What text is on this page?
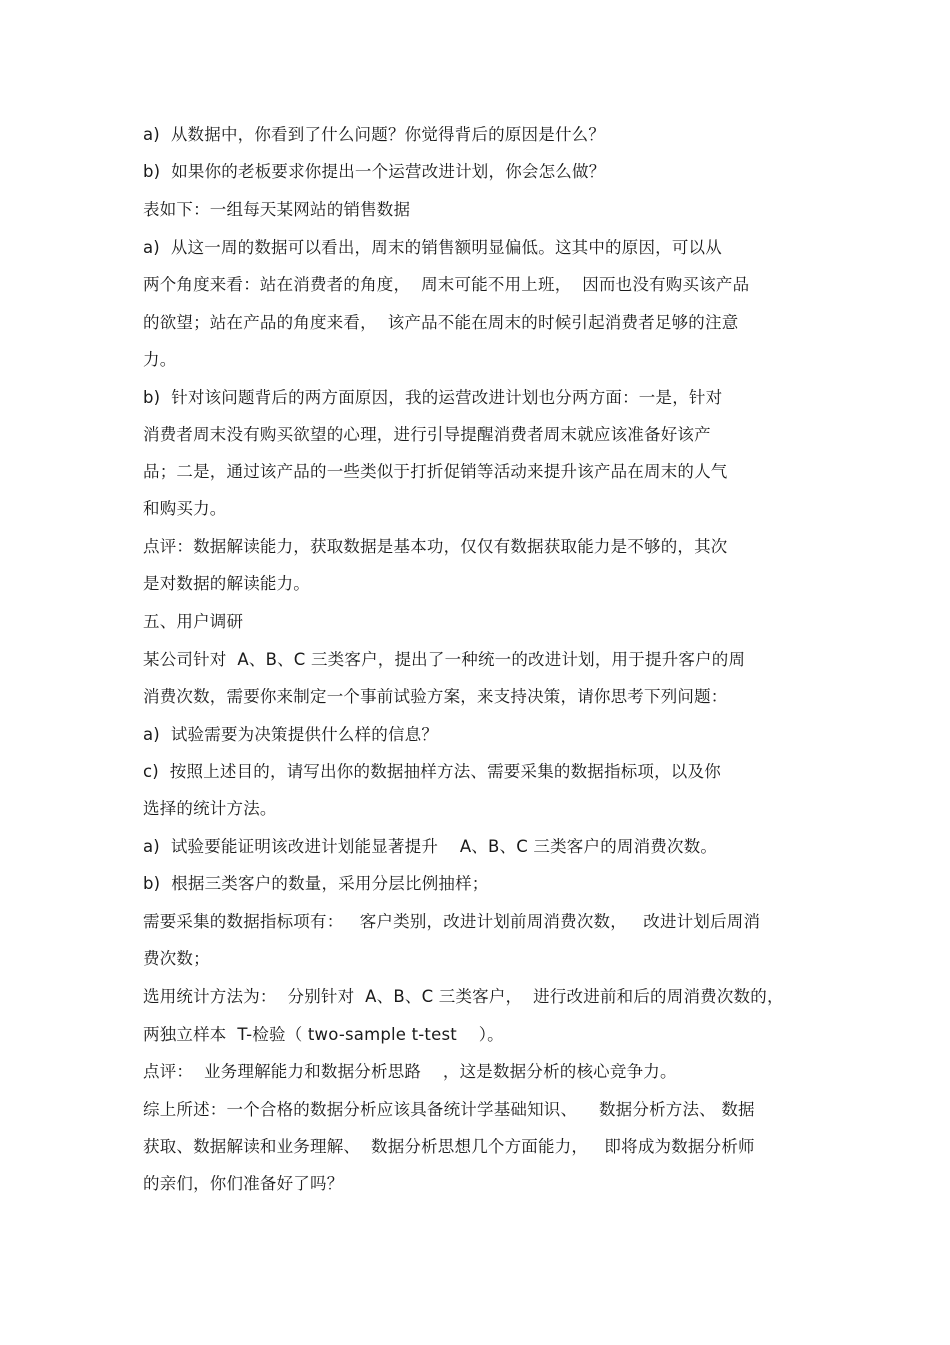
a)  从数据中，你看到了什么问题？你觉得背后的原因是什么？
b)  如果你的老板要求你提出一个运营改进计划，你会怎么做？
表如下：一组每天某网站的销售数据
a)  从这一周的数据可以看出，周末的销售额明显偏低。这其中的原因，可以从
两个角度来看：站在消费者的角度，  周末可能不用上班，  因而也没有购买该产品
的欲望；站在产品的角度来看，  该产品不能在周末的时候引起消费者足够的注意
力。
b)  针对该问题背后的两方面原因，我的运营改进计划也分两方面：一是，针对
消费者周末没有购买欲望的心理，进行引导提醒消费者周末就应该准备好该产
品；二是，通过该产品的一些类似于打折促销等活动来提升该产品在周末的人气
和购买力。
点评：数据解读能力，获取数据是基本功，仅仅有数据获取能力是不够的，其次
是对数据的解读能力。
五、用户调研
某公司针对  A、B、C 三类客户，提出了一种统一的改进计划，用于提升客户的周
消费次数，需要你来制定一个事前试验方案，来支持决策，请你思考下列问题：
a)  试验需要为决策提供什么样的信息？
c)  按照上述目的，请写出你的数据抽样方法、需要采集的数据指标项，以及你
选择的统计方法。
a)  试验要能证明该改进计划能显著提升    A、B、C 三类客户的周消费次数。
b)  根据三类客户的数量，采用分层比例抽样；
需要采集的数据指标项有：   客户类别，改进计划前周消费次数，   改进计划后周消
费次数；
选用统计方法为：  分别针对  A、B、C 三类客户，  进行改进前和后的周消费次数的，
两独立样本  T-检验（ two-sample t-test    ）。
点评：  业务理解能力和数据分析思路    ，这是数据分析的核心竞争力。
综上所述：一个合格的数据分析应该具备统计学基础知识、    数据分析方法、 数据
获取、数据解读和业务理解、  数据分析思想几个方面能力，   即将成为数据分析师
的亲们，你们准备好了吗？
